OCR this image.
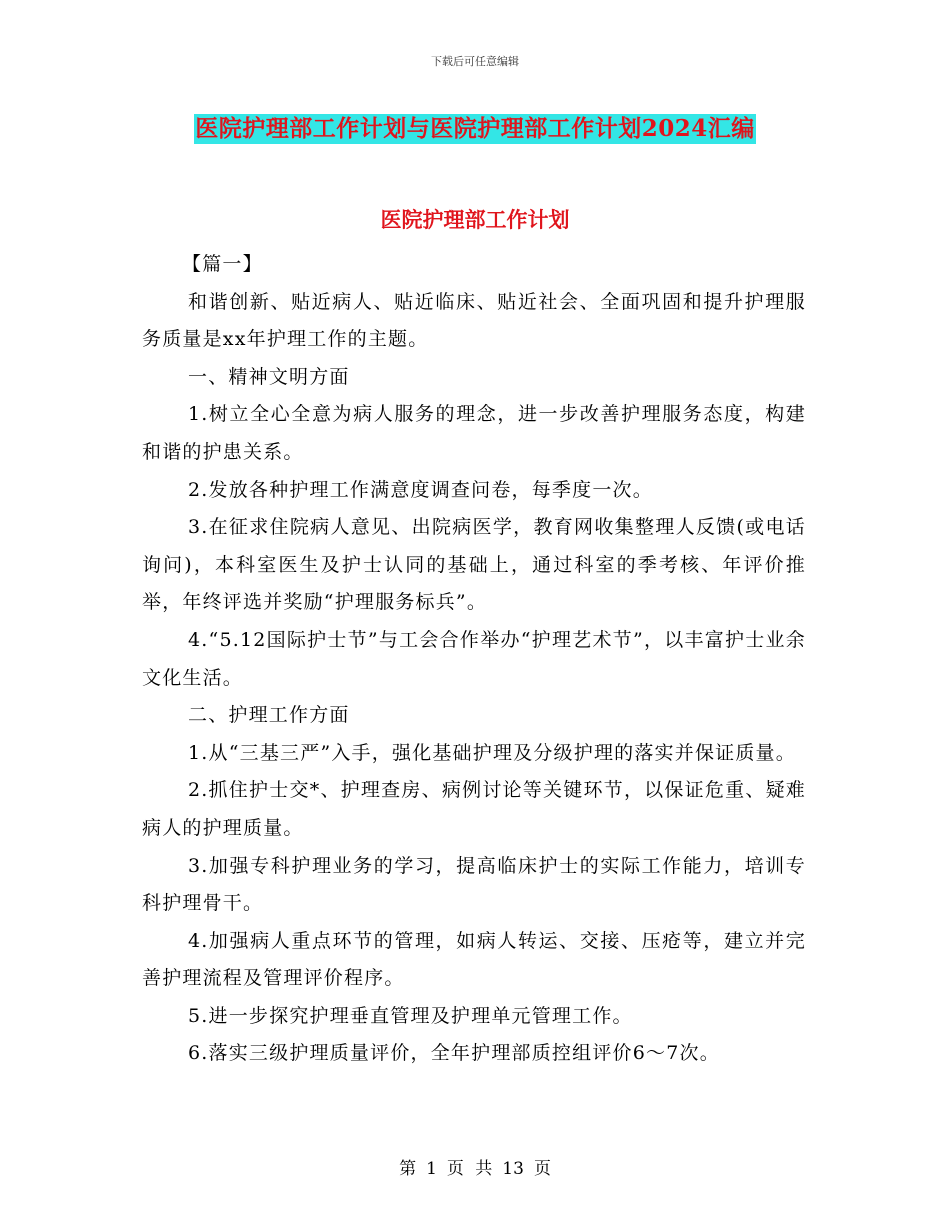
下载后可任意编辑
医院护理部工作计划与医院护理部工作计划2024汇编
医院护理部工作计划

【篇一】

和谐创新、贴近病人、贴近临床、贴近社会、全面巩固和提升护理服务质量是xx年护理工作的主题。

一、精神文明方面

1.树立全心全意为病人服务的理念，进一步改善护理服务态度，构建和谐的护患关系。

2.发放各种护理工作满意度调查问卷，每季度一次。

3.在征求住院病人意见、出院病医学，教育网收集整理人反馈(或电话询问)，本科室医生及护士认同的基础上，通过科室的季考核、年评价推举，年终评选并奖励“护理服务标兵”。

4.“5.12国际护士节”与工会合作举办“护理艺术节”，以丰富护士业余文化生活。

二、护理工作方面

1.从“三基三严”入手，强化基础护理及分级护理的落实并保证质量。

2.抓住护士交*、护理查房、病例讨论等关键环节，以保证危重、疑难病人的护理质量。

3.加强专科护理业务的学习，提高临床护士的实际工作能力，培训专科护理骨干。

4.加强病人重点环节的管理，如病人转运、交接、压疮等，建立并完善护理流程及管理评价程序。

5.进一步探究护理垂直管理及护理单元管理工作。

6.落实三级护理质量评价，全年护理部质控组评价6～7次。

第 1 页 共 13 页
